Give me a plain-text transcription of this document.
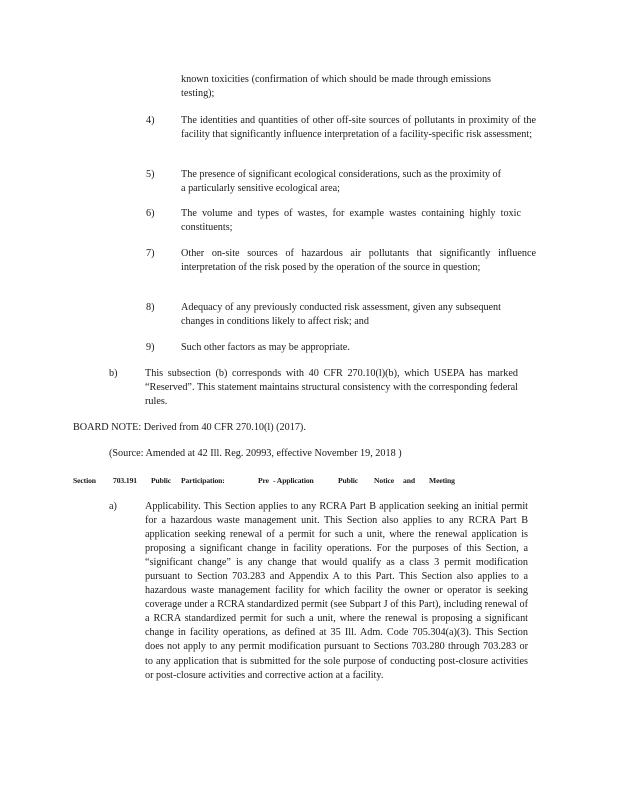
known toxicities (confirmation of which should be made through emissions testing);
4)	The identities and quantities of other off-site sources of pollutants in proximity of the facility that significantly influence interpretation of a facility-specific risk assessment;
5)	The presence of significant ecological considerations, such as the proximity of a particularly sensitive ecological area;
6)	The volume and types of wastes, for example wastes containing highly toxic constituents;
7)	Other on-site sources of hazardous air pollutants that significantly influence interpretation of the risk posed by the operation of the source in question;
8)	Adequacy of any previously conducted risk assessment, given any subsequent changes in conditions likely to affect risk; and
9)	Such other factors as may be appropriate.
b)	This subsection (b) corresponds with 40 CFR 270.10(l)(b), which USEPA has marked “Reserved”. This statement maintains structural consistency with the corresponding federal rules.
BOARD NOTE: Derived from 40 CFR 270.10(l) (2017).
(Source: Amended at 42 Ill. Reg. 20993, effective November 19, 2018 )
Section	703.191	Public	Participation:	Pre - Application	Public	Notice	and	Meeting
a)	Applicability. This Section applies to any RCRA Part B application seeking an initial permit for a hazardous waste management unit. This Section also applies to any RCRA Part B application seeking renewal of a permit for such a unit, where the renewal application is proposing a significant change in facility operations. For the purposes of this Section, a “significant change” is any change that would qualify as a class 3 permit modification pursuant to Section 703.283 and Appendix A to this Part. This Section also applies to a hazardous waste management facility for which facility the owner or operator is seeking coverage under a RCRA standardized permit (see Subpart J of this Part), including renewal of a RCRA standardized permit for such a unit, where the renewal is proposing a significant change in facility operations, as defined at 35 Ill. Adm. Code 705.304(a)(3). This Section does not apply to any permit modification pursuant to Sections 703.280 through 703.283 or to any application that is submitted for the sole purpose of conducting post-closure activities or post-closure activities and corrective action at a facility.
